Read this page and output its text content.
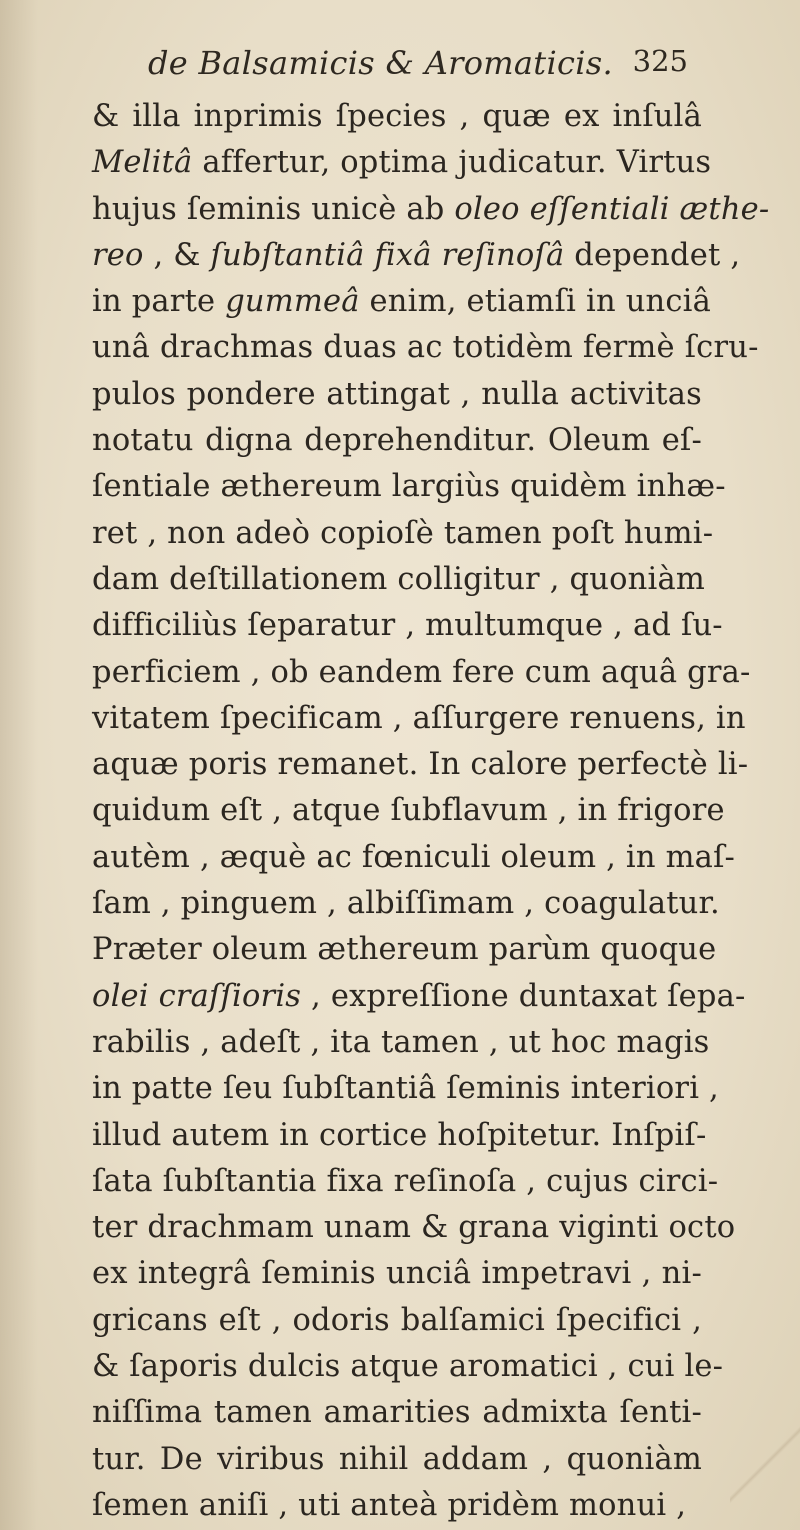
de Balsamicis & Aromaticis. 325
& illa inprimis ſpecies , quæ ex inſulâ
Melitâ affertur, optima judicatur. Virtus
hujus ſeminis unicè ab oleo eſſentiali æthe-
reo , & ſubſtantiâ fixâ reſinoſâ dependet ,
in parte gummeâ enim, etiamſi in unciâ
unâ drachmas duas ac totidèm fermè ſcru-
pulos pondere attingat , nulla activitas
notatu digna deprehenditur. Oleum eſ-
ſentiale æthereum largiùs quidèm inhæ-
ret , non adeò copioſè tamen poſt humi-
dam deſtillationem colligitur , quoniàm
difficiliùs ſeparatur , multumque , ad ſu-
perficiem , ob eandem fere cum aquâ gra-
vitatem ſpecificam , aſſurgere renuens, in
aquæ poris remanet. In calore perfectè li-
quidum eſt , atque ſubflavum , in frigore
autèm , æquè ac fœniculi oleum , in maſ-
ſam , pinguem , albiſſimam , coagulatur.
Præter oleum æthereum parùm quoque
olei craſſioris , expreſſione duntaxat ſepa-
rabilis , adeſt , ita tamen , ut hoc magis
in patte ſeu ſubſtantiâ ſeminis interiori ,
illud autem in cortice hoſpitetur. Inſpiſ-
ſata ſubſtantia fixa reſinoſa , cujus circi-
ter drachmam unam & grana viginti octo
ex integrâ ſeminis unciâ impetravi , ni-
gricans eſt , odoris balſamici ſpecifici ,
& ſaporis dulcis atque aromatici , cui le-
niſſima tamen amarities admixta ſenti-
tur. De viribus nihil addam , quoniàm
ſemen aniſi , uti anteà pridèm monui ,
